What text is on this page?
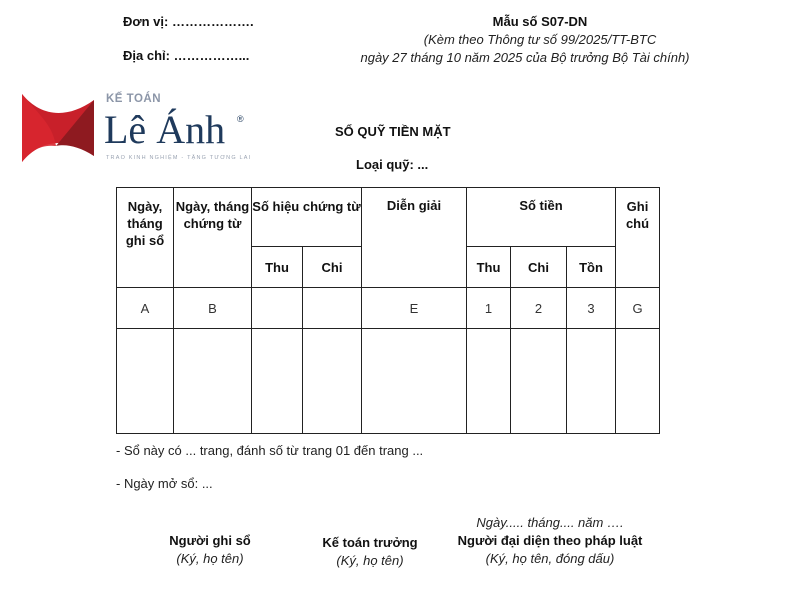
Đơn vị: ……………….
Địa chỉ: ……………...
Mẫu số S07-DN
(Kèm theo Thông tư số 99/2025/TT-BTC
ngày 27 tháng 10 năm 2025 của Bộ trưởng Bộ Tài chính)
KẾ TOÁN
Lê Ánh ®
TRAO KINH NGHIỆM - TẶNG TƯƠNG LAI
SỔ QUỸ TIỀN MẶT
Loại quỹ: ...
Ngày, tháng ghi sổ	Ngày, tháng chứng từ	Số hiệu chứng từ		Diễn giải	Số tiền			Ghi chú
		Thu	Chi		Thu	Chi	Tồn	
A	B			E	1	2	3	G

- Sổ này có ... trang, đánh số từ trang 01 đến trang ...
- Ngày mở sổ: ...
Ngày..... tháng.... năm ….
Người ghi sổ
(Ký, họ tên)
Kế toán trưởng
(Ký, họ tên)
Người đại diện theo pháp luật
(Ký, họ tên, đóng dấu)
